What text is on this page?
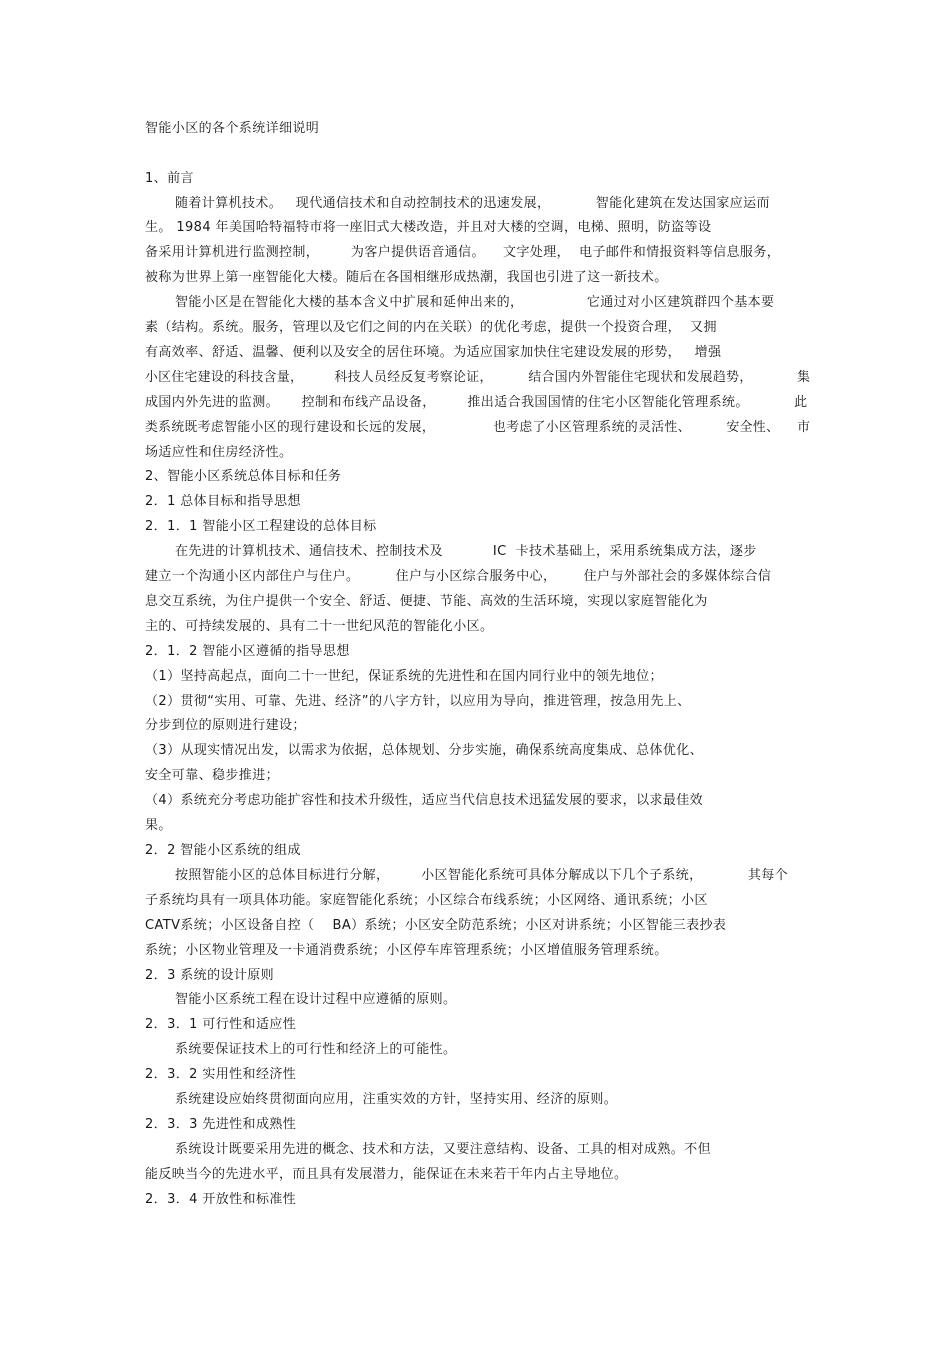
智能小区的各个系统详细说明
1、前言
随着计算机技术。   现代通信技术和自动控制技术的迅速发展，          智能化建筑在发达国家应运而
生。 1984 年美国哈特福特市将一座旧式大楼改造，并且对大楼的空调，电梯、照明，防盗等设
备采用计算机进行监测控制，       为客户提供语音通信。    文字处理，  电子邮件和情报资料等信息服务，
被称为世界上第一座智能化大楼。随后在各国相继形成热潮，我国也引进了这一新技术。
智能小区是在智能化大楼的基本含义中扩展和延伸出来的，              它通过对小区建筑群四个基本要
素（结构。系统。服务，管理以及它们之间的内在关联）的优化考虑，提供一个投资合理，  又拥
有高效率、舒适、温馨、便利以及安全的居住环境。为适应国家加快住宅建设发展的形势，   增强
小区住宅建设的科技含量，       科技人员经反复考察论证，        结合国内外智能住宅现状和发展趋势，          集
成国内外先进的监测。     控制和布线产品设备，       推出适合我国国情的住宅小区智能化管理系统。          此
类系统既考虑智能小区的现行建设和长远的发展，             也考虑了小区管理系统的灵活性、        安全性、    市
场适应性和住房经济性。
2、智能小区系统总体目标和任务
2．1 总体目标和指导思想
2．1．1 智能小区工程建设的总体目标
在先进的计算机技术、通信技术、控制技术及           IC  卡技术基础上，采用系统集成方法，逐步
建立一个沟通小区内部住户与住户。        住户与小区综合服务中心，      住户与外部社会的多媒体综合信
息交互系统，为住户提供一个安全、舒适、便捷、节能、高效的生活环境，实现以家庭智能化为
主的、可持续发展的、具有二十一世纪风范的智能化小区。
2．1．2 智能小区遵循的指导思想
（1）坚持高起点，面向二十一世纪，保证系统的先进性和在国内同行业中的领先地位；
（2）贯彻“实用、可靠、先进、经济”的八字方针，以应用为导向，推进管理，按急用先上、
分步到位的原则进行建设；
（3）从现实情况出发，以需求为依据，总体规划、分步实施，确保系统高度集成、总体优化、
安全可靠、稳步推进；
（4）系统充分考虑功能扩容性和技术升级性，适应当代信息技术迅猛发展的要求，以求最佳效
果。
2．2 智能小区系统的组成
按照智能小区的总体目标进行分解，       小区智能化系统可具体分解成以下几个子系统，          其每个
子系统均具有一项具体功能。家庭智能化系统；小区综合布线系统；小区网络、通讯系统；小区
CATV系统；小区设备自控（    BA）系统；小区安全防范系统；小区对讲系统；小区智能三表抄表
系统；小区物业管理及一卡通消费系统；小区停车库管理系统；小区增值服务管理系统。
2．3 系统的设计原则
智能小区系统工程在设计过程中应遵循的原则。
2．3．1 可行性和适应性
系统要保证技术上的可行性和经济上的可能性。
2．3．2 实用性和经济性
系统建设应始终贯彻面向应用，注重实效的方针，坚持实用、经济的原则。
2．3．3 先进性和成熟性
系统设计既要采用先进的概念、技术和方法，又要注意结构、设备、工具的相对成熟。不但
能反映当今的先进水平，而且具有发展潜力，能保证在未来若干年内占主导地位。
2．3．4 开放性和标准性
